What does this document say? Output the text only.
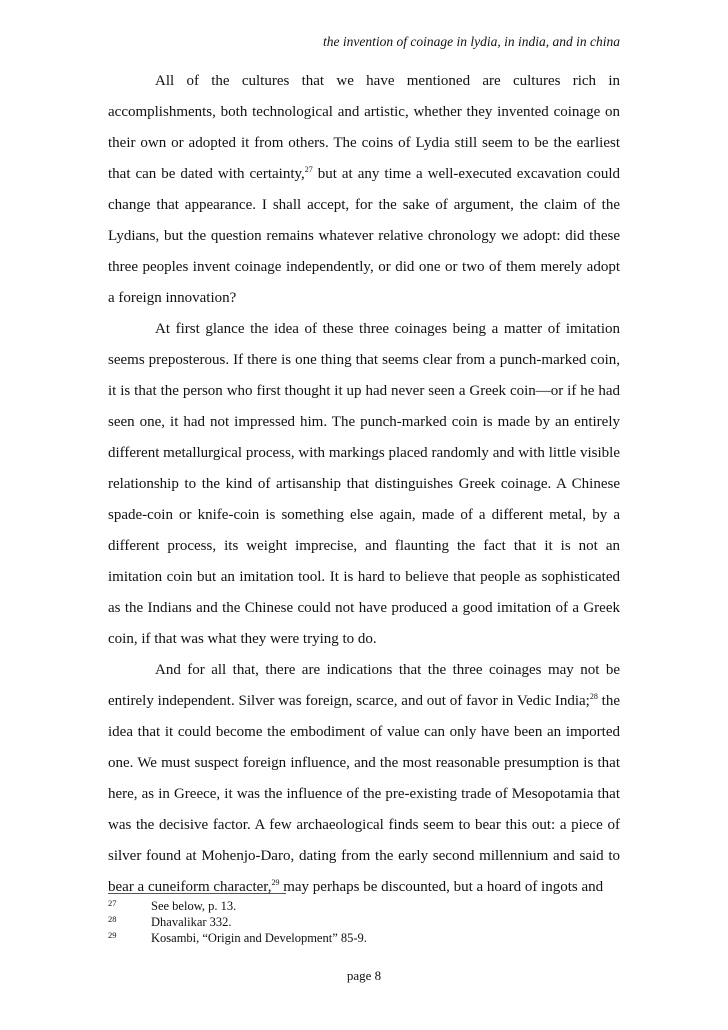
the invention of coinage in lydia, in india, and in china

All of the cultures that we have mentioned are cultures rich in accomplishments, both technological and artistic, whether they invented coinage on their own or adopted it from others. The coins of Lydia still seem to be the earliest that can be dated with certainty,$^{27}$ but at any time a well-executed excavation could change that appearance. I shall accept, for the sake of argument, the claim of the Lydians, but the question remains whatever relative chronology we adopt: did these three peoples invent coinage independently, or did one or two of them merely adopt a foreign innovation?

At first glance the idea of these three coinages being a matter of imitation seems preposterous. If there is one thing that seems clear from a punch-marked coin, it is that the person who first thought it up had never seen a Greek coin—or if he had seen one, it had not impressed him. The punch-marked coin is made by an entirely different metallurgical process, with markings placed randomly and with little visible relationship to the kind of artisanship that distinguishes Greek coinage. A Chinese spade-coin or knife-coin is something else again, made of a different metal, by a different process, its weight imprecise, and flaunting the fact that it is not an imitation coin but an imitation tool. It is hard to believe that people as sophisticated as the Indians and the Chinese could not have produced a good imitation of a Greek coin, if that was what they were trying to do.

And for all that, there are indications that the three coinages may not be entirely independent. Silver was foreign, scarce, and out of favor in Vedic India;$^{28}$ the idea that it could become the embodiment of value can only have been an imported one. We must suspect foreign influence, and the most reasonable presumption is that here, as in Greece, it was the influence of the pre-existing trade of Mesopotamia that was the decisive factor. A few archaeological finds seem to bear this out: a piece of silver found at Mohenjo-Daro, dating from the early second millennium and said to bear a cuneiform character,$^{29}$ may perhaps be discounted, but a hoard of ingots and

27	See below, p. 13.
28	Dhavalikar 332.
29	Kosambi, “Origin and Development” 85-9.
page 8
